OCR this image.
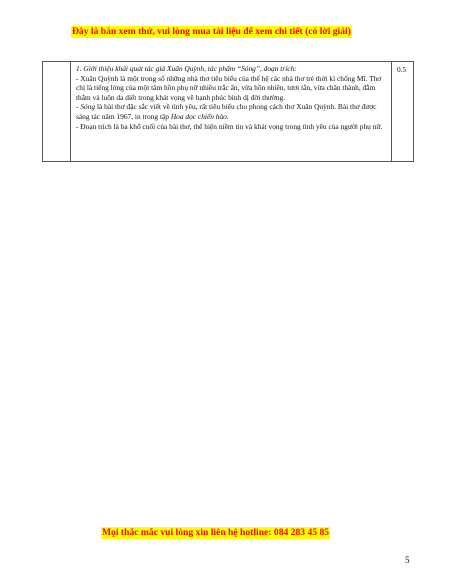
Đây là bản xem thử, vui lòng mua tài liệu để xem chi tiết (có lời giải)

1. Giới thiệu khái quát tác giả Xuân Quỳnh, tác phẩm “Sóng”, đoạn trích:

- Xuân Quỳnh là một trong số những nhà thơ tiêu biểu của thế hệ các nhà thơ trẻ thời kì chống Mĩ. Thơ chị là tiếng lòng của một tâm hồn phụ nữ nhiều trắc ẩn, vừa hồn nhiên, tươi tắn, vừa chân thành, đằm thắm và luôn da diết trong khát vọng về hạnh phúc bình dị đời thường.

- Sóng là bài thơ đặc sắc viết về tình yêu, rất tiêu biểu cho phong cách thơ Xuân Quỳnh. Bài thơ được sáng tác năm 1967, in trong tập Hoa dọc chiến hào.

- Đoạn trích là ba khổ cuối của bài thơ, thể hiện niềm tin và khát vọng trong tình yêu của người phụ nữ.

0.5
Mọi thắc mắc vui lòng xin liên hệ hotline: 084 283 45 85
5
